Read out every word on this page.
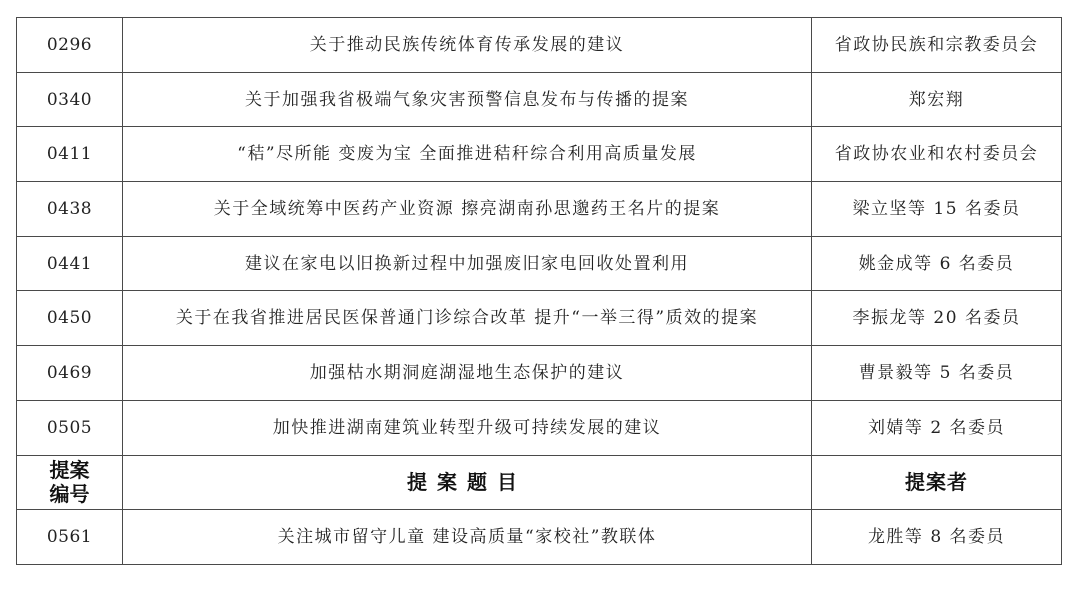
0296	关于推动民族传统体育传承发展的建议	省政协民族和宗教委员会
0340	关于加强我省极端气象灾害预警信息发布与传播的提案	郑宏翔
0411	“秸”尽所能 变废为宝 全面推进秸秆综合利用高质量发展	省政协农业和农村委员会
0438	关于全域统筹中医药产业资源 擦亮湖南孙思邈药王名片的提案	梁立坚等 15 名委员
0441	建议在家电以旧换新过程中加强废旧家电回收处置利用	姚金成等 6 名委员
0450	关于在我省推进居民医保普通门诊综合改革 提升“一举三得”质效的提案	李振龙等 20 名委员
0469	加强枯水期洞庭湖湿地生态保护的建议	曹景毅等 5 名委员
0505	加快推进湖南建筑业转型升级可持续发展的建议	刘婧等 2 名委员

提案
编号	提案题目	提案者
0561	关注城市留守儿童 建设高质量“家校社”教联体	龙胜等 8 名委员
